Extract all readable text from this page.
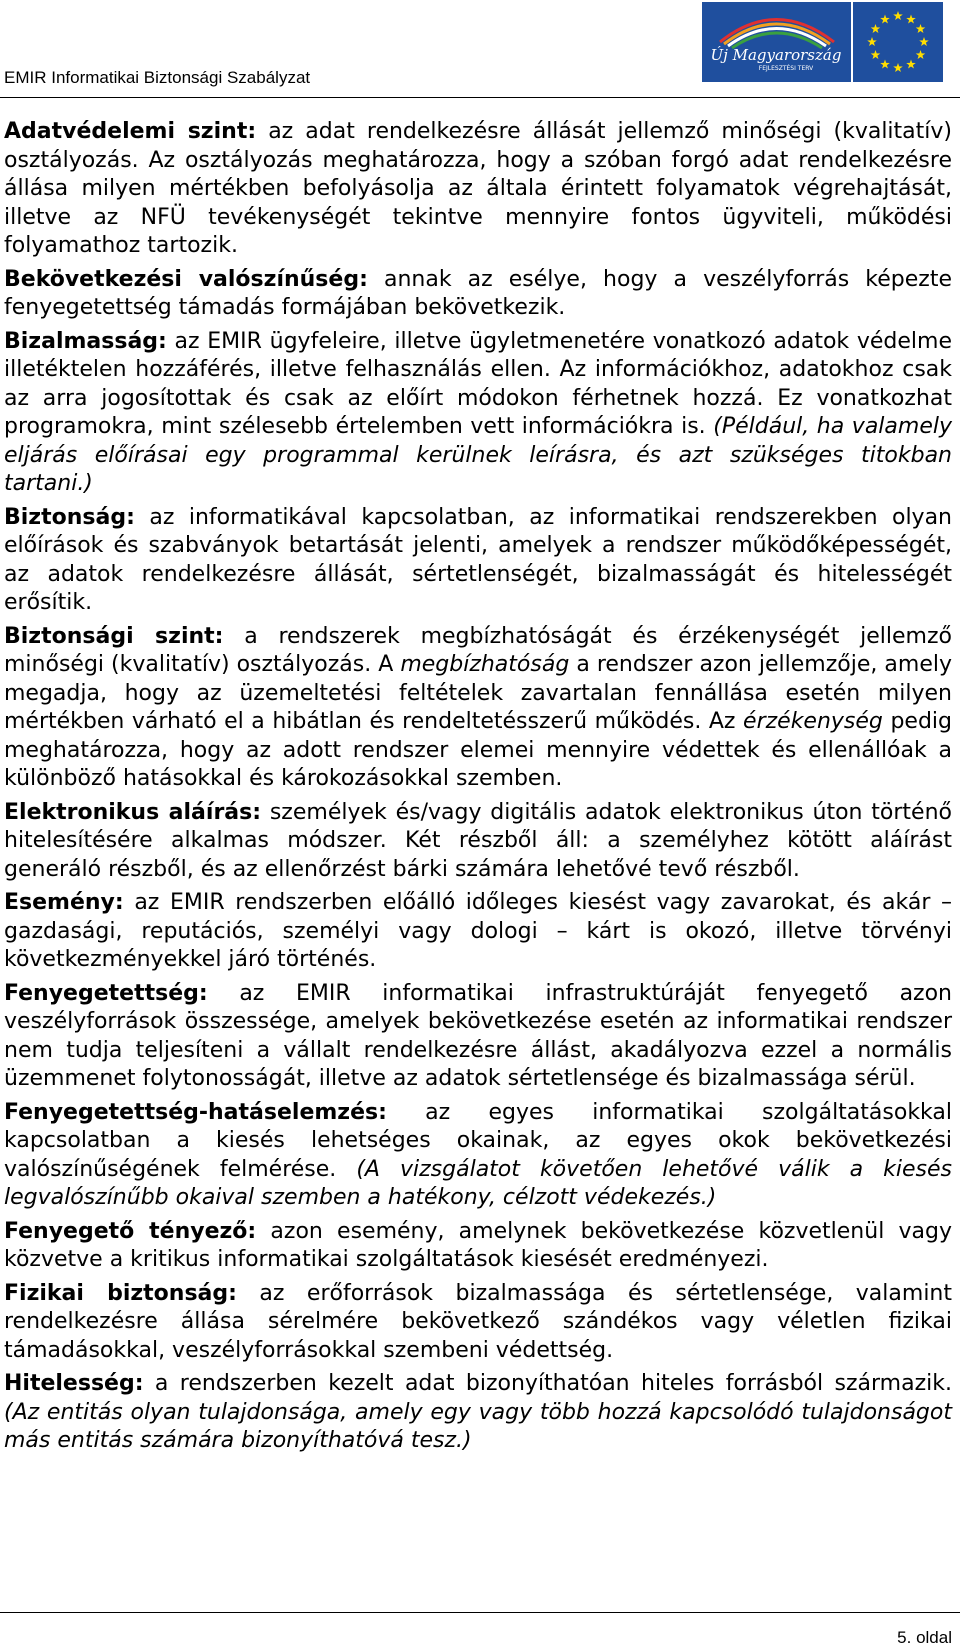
EMIR Informatikai Biztonsági Szabályzat
Új Magyarország
FEJLESZTÉSI TERV

Adatvédelemi szint: az adat rendelkezésre állását jellemző minőségi (kvalitatív) osztályozás. Az osztályozás meghatározza, hogy a szóban forgó adat rendelkezésre állása milyen mértékben befolyásolja az általa érintett folyamatok végrehajtását, illetve az NFÜ tevékenységét tekintve mennyire fontos ügyviteli, működési folyamathoz tartozik.

Bekövetkezési valószínűség: annak az esélye, hogy a veszélyforrás képezte fenyegetettség támadás formájában bekövetkezik.

Bizalmasság: az EMIR ügyfeleire, illetve ügyletmenetére vonatkozó adatok védelme illetéktelen hozzáférés, illetve felhasználás ellen. Az információkhoz, adatokhoz csak az arra jogosítottak és csak az előírt módokon férhetnek hozzá. Ez vonatkozhat programokra, mint szélesebb értelemben vett információkra is. (Például, ha valamely eljárás előírásai egy programmal kerülnek leírásra, és azt szükséges titokban tartani.)

Biztonság: az informatikával kapcsolatban, az informatikai rendszerekben olyan előírások és szabványok betartását jelenti, amelyek a rendszer működőképességét, az adatok rendelkezésre állását, sértetlenségét, bizalmasságát és hitelességét erősítik.

Biztonsági szint: a rendszerek megbízhatóságát és érzékenységét jellemző minőségi (kvalitatív) osztályozás. A megbízhatóság a rendszer azon jellemzője, amely megadja, hogy az üzemeltetési feltételek zavartalan fennállása esetén milyen mértékben várható el a hibátlan és rendeltetésszerű működés. Az érzékenység pedig meghatározza, hogy az adott rendszer elemei mennyire védettek és ellenállóak a különböző hatásokkal és károkozásokkal szemben.

Elektronikus aláírás: személyek és/vagy digitális adatok elektronikus úton történő hitelesítésére alkalmas módszer. Két részből áll: a személyhez kötött aláírást generáló részből, és az ellenőrzést bárki számára lehetővé tevő részből.

Esemény: az EMIR rendszerben előálló időleges kiesést vagy zavarokat, és akár – gazdasági, reputációs, személyi vagy dologi – kárt is okozó, illetve törvényi következményekkel járó történés.

Fenyegetettség: az EMIR informatikai infrastruktúráját fenyegető azon veszélyforrások összessége, amelyek bekövetkezése esetén az informatikai rendszer nem tudja teljesíteni a vállalt rendelkezésre állást, akadályozva ezzel a normális üzemmenet folytonosságát, illetve az adatok sértetlensége és bizalmassága sérül.

Fenyegetettség-hatáselemzés: az egyes informatikai szolgáltatásokkal kapcsolatban a kiesés lehetséges okainak, az egyes okok bekövetkezési valószínűségének felmérése. (A vizsgálatot követően lehetővé válik a kiesés legvalószínűbb okaival szemben a hatékony, célzott védekezés.)

Fenyegető tényező: azon esemény, amelynek bekövetkezése közvetlenül vagy közvetve a kritikus informatikai szolgáltatások kiesését eredményezi.

Fizikai biztonság: az erőforrások bizalmassága és sértetlensége, valamint rendelkezésre állása sérelmére bekövetkező szándékos vagy véletlen fizikai támadásokkal, veszélyforrásokkal szembeni védettség.

Hitelesség: a rendszerben kezelt adat bizonyíthatóan hiteles forrásból származik. (Az entitás olyan tulajdonsága, amely egy vagy több hozzá kapcsolódó tulajdonságot más entitás számára bizonyíthatóvá tesz.)

5. oldal
